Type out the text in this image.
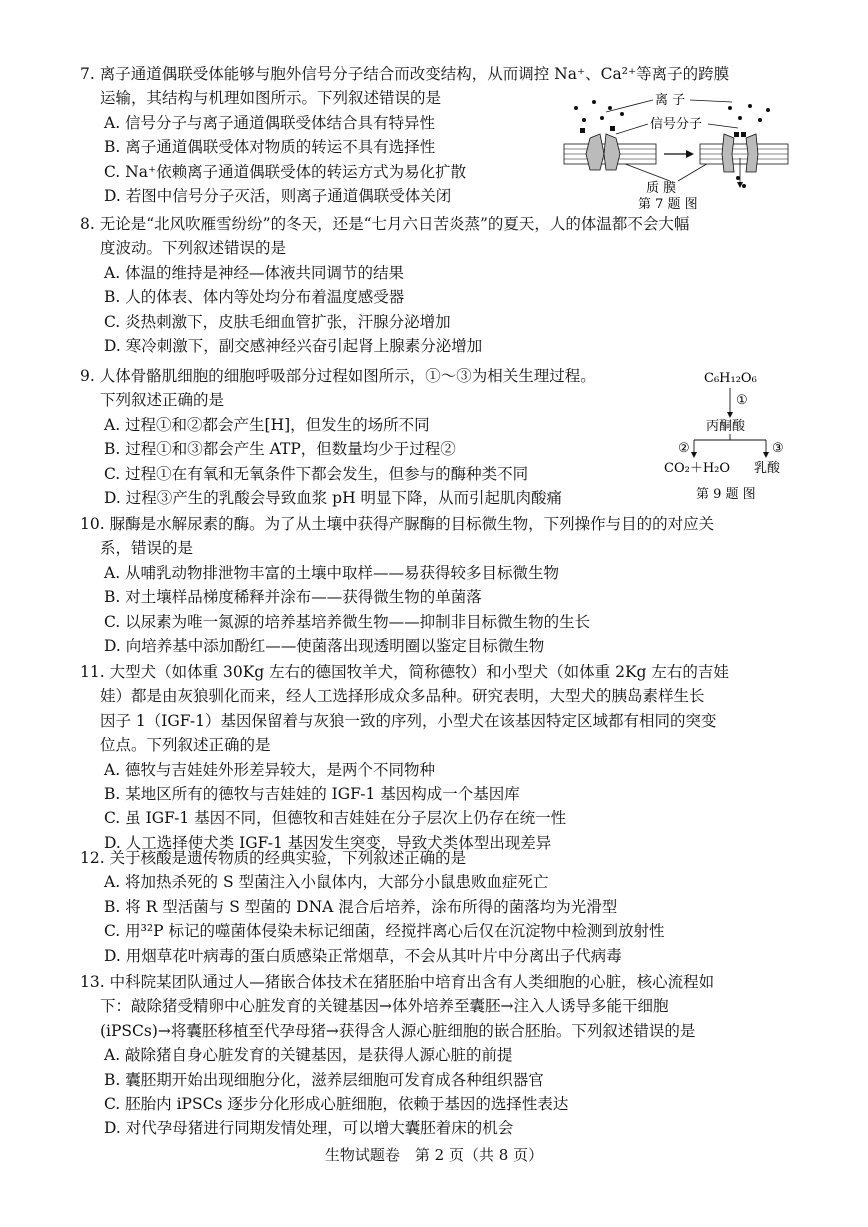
7. 离子通道偶联受体能够与胞外信号分子结合而改变结构，从而调控 Na⁺、Ca²⁺等离子的跨膜
运输，其结构与机理如图所示。下列叙述错误的是
A. 信号分子与离子通道偶联受体结合具有特异性
B. 离子通道偶联受体对物质的转运不具有选择性
C. Na⁺依赖离子通道偶联受体的转运方式为易化扩散
D. 若图中信号分子灭活，则离子通道偶联受体关闭
8. 无论是“北风吹雁雪纷纷”的冬天，还是“七月六日苦炎蒸”的夏天，人的体温都不会大幅
度波动。下列叙述错误的是
A. 体温的维持是神经—体液共同调节的结果
B. 人的体表、体内等处均分布着温度感受器
C. 炎热刺激下，皮肤毛细血管扩张，汗腺分泌增加
D. 寒冷刺激下，副交感神经兴奋引起肾上腺素分泌增加
9. 人体骨骼肌细胞的细胞呼吸部分过程如图所示，①～③为相关生理过程。
下列叙述正确的是
A. 过程①和②都会产生[H]，但发生的场所不同
B. 过程①和③都会产生 ATP，但数量均少于过程②
C. 过程①在有氧和无氧条件下都会发生，但参与的酶种类不同
D. 过程③产生的乳酸会导致血浆 pH 明显下降，从而引起肌肉酸痛
10. 脲酶是水解尿素的酶。为了从土壤中获得产脲酶的目标微生物，下列操作与目的的对应关
系，错误的是
A. 从哺乳动物排泄物丰富的土壤中取样——易获得较多目标微生物
B. 对土壤样品梯度稀释并涂布——获得微生物的单菌落
C. 以尿素为唯一氮源的培养基培养微生物——抑制非目标微生物的生长
D. 向培养基中添加酚红——使菌落出现透明圈以鉴定目标微生物
11. 大型犬（如体重 30Kg 左右的德国牧羊犬，简称德牧）和小型犬（如体重 2Kg 左右的吉娃
娃）都是由灰狼驯化而来，经人工选择形成众多品种。研究表明，大型犬的胰岛素样生长
因子 1（IGF-1）基因保留着与灰狼一致的序列，小型犬在该基因特定区域都有相同的突变
位点。下列叙述正确的是
A. 德牧与吉娃娃外形差异较大，是两个不同物种
B. 某地区所有的德牧与吉娃娃的 IGF-1 基因构成一个基因库
C. 虽 IGF-1 基因不同，但德牧和吉娃娃在分子层次上仍存在统一性
D. 人工选择使犬类 IGF-1 基因发生突变，导致犬类体型出现差异
12. 关于核酸是遗传物质的经典实验，下列叙述正确的是
A. 将加热杀死的 S 型菌注入小鼠体内，大部分小鼠患败血症死亡
B. 将 R 型活菌与 S 型菌的 DNA 混合后培养，涂布所得的菌落均为光滑型
C. 用³²P 标记的噬菌体侵染未标记细菌，经搅拌离心后仅在沉淀物中检测到放射性
D. 用烟草花叶病毒的蛋白质感染正常烟草，不会从其叶片中分离出子代病毒
13. 中科院某团队通过人—猪嵌合体技术在猪胚胎中培育出含有人类细胞的心脏，核心流程如
下：敲除猪受精卵中心脏发育的关键基因→体外培养至囊胚→注入人诱导多能干细胞
(iPSCs)→将囊胚移植至代孕母猪→获得含人源心脏细胞的嵌合胚胎。下列叙述错误的是
A. 敲除猪自身心脏发育的关键基因，是获得人源心脏的前提
B. 囊胚期开始出现细胞分化，滋养层细胞可发育成各种组织器官
C. 胚胎内 iPSCs 逐步分化形成心脏细胞，依赖于基因的选择性表达
D. 对代孕母猪进行同期发情处理，可以增大囊胚着床的机会
离 子
信号分子
质 膜
第 7 题 图
C₆H₁₂O₆
①
丙酮酸
②	③
CO₂＋H₂O 乳酸
第 9 题 图
生物试题卷　第 2 页（共 8 页）
